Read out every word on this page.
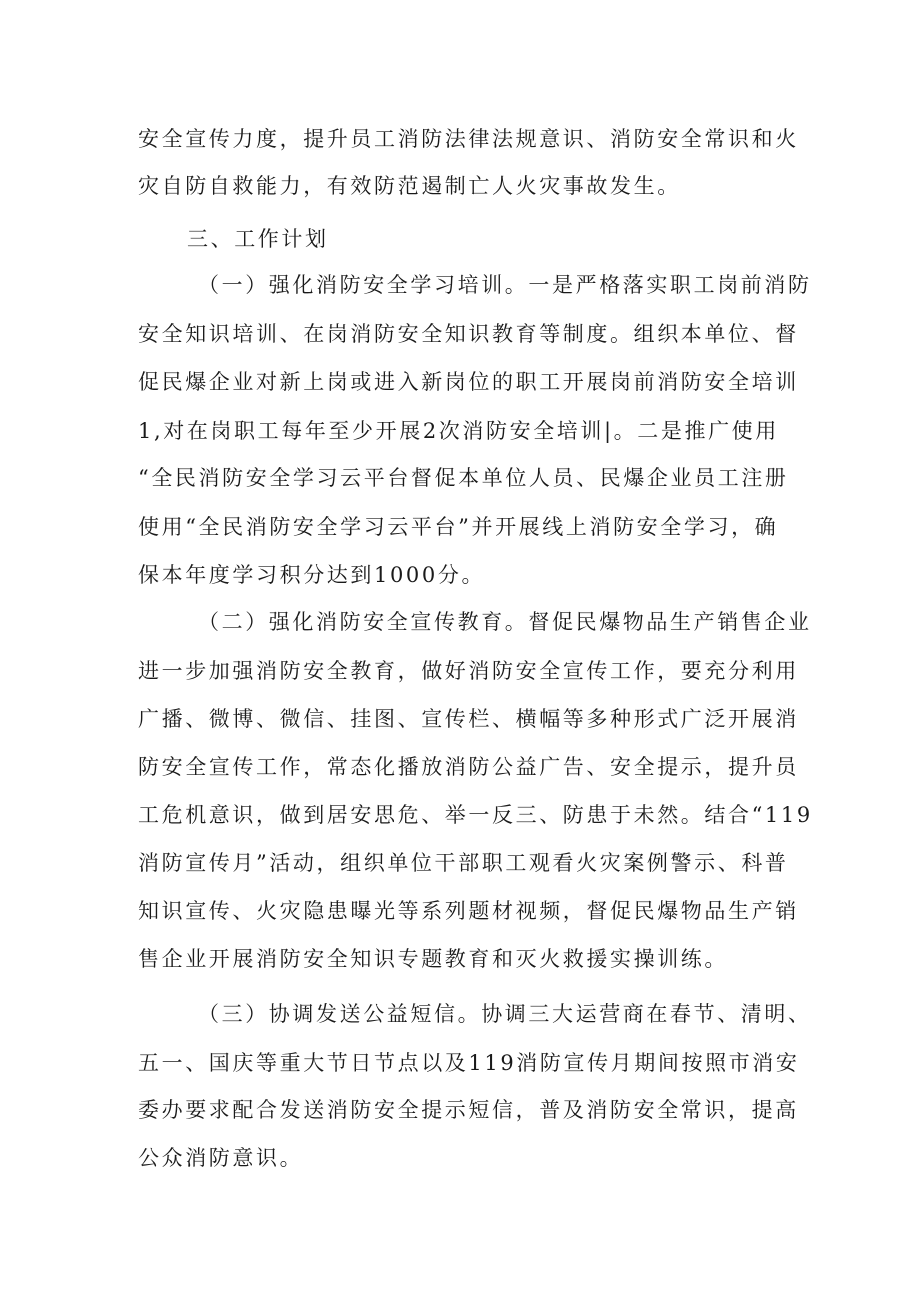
安全宣传力度，提升员工消防法律法规意识、消防安全常识和火
灾自防自救能力，有效防范遏制亡人火灾事故发生。
三、工作计划
（一）强化消防安全学习培训。一是严格落实职工岗前消防
安全知识培训、在岗消防安全知识教育等制度。组织本单位、督
促民爆企业对新上岗或进入新岗位的职工开展岗前消防安全培训
1,对在岗职工每年至少开展2次消防安全培训|。二是推广使用
“全民消防安全学习云平台督促本单位人员、民爆企业员工注册
使用“全民消防安全学习云平台”并开展线上消防安全学习，确
保本年度学习积分达到1000分。
（二）强化消防安全宣传教育。督促民爆物品生产销售企业
进一步加强消防安全教育，做好消防安全宣传工作，要充分利用
广播、微博、微信、挂图、宣传栏、横幅等多种形式广泛开展消
防安全宣传工作，常态化播放消防公益广告、安全提示，提升员
工危机意识，做到居安思危、举一反三、防患于未然。结合“119
消防宣传月”活动，组织单位干部职工观看火灾案例警示、科普
知识宣传、火灾隐患曝光等系列题材视频，督促民爆物品生产销
售企业开展消防安全知识专题教育和灭火救援实操训练。
（三）协调发送公益短信。协调三大运营商在春节、清明、
五一、国庆等重大节日节点以及119消防宣传月期间按照市消安
委办要求配合发送消防安全提示短信，普及消防安全常识，提高
公众消防意识。
